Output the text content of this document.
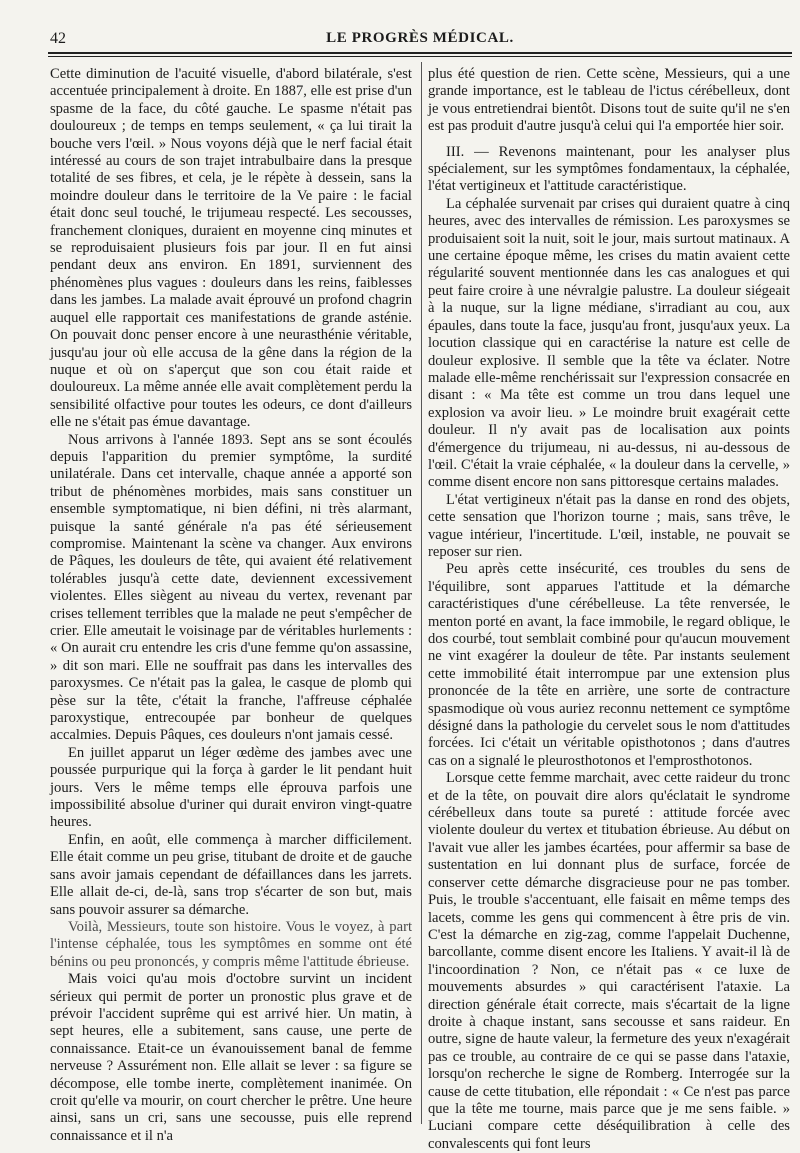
42	LE PROGRÈS MÉDICAL.

Cette diminution de l'acuité visuelle, d'abord bilatérale, s'est accentuée principalement à droite. En 1887, elle est prise d'un spasme de la face, du côté gauche. Le spasme n'était pas douloureux ; de temps en temps seulement, « ça lui tirait la bouche vers l'œil. » Nous voyons déjà que le nerf facial était intéressé au cours de son trajet intrabulbaire dans la presque totalité de ses fibres, et cela, je le répète à dessein, sans la moindre douleur dans le territoire de la Ve paire : le facial était donc seul touché, le trijumeau respecté. Les secousses, franchement cloniques, duraient en moyenne cinq minutes et se reproduisaient plusieurs fois par jour. Il en fut ainsi pendant deux ans environ. En 1891, surviennent des phénomènes plus vagues : douleurs dans les reins, faiblesses dans les jambes. La malade avait éprouvé un profond chagrin auquel elle rapportait ces manifestations de grande asténie. On pouvait donc penser encore à une neurasthénie véritable, jusqu'au jour où elle accusa de la gêne dans la région de la nuque et où on s'aperçut que son cou était raide et douloureux. La même année elle avait complètement perdu la sensibilité olfactive pour toutes les odeurs, ce dont d'ailleurs elle ne s'était pas émue davantage.

Nous arrivons à l'année 1893. Sept ans se sont écoulés depuis l'apparition du premier symptôme, la surdité unilatérale. Dans cet intervalle, chaque année a apporté son tribut de phénomènes morbides, mais sans constituer un ensemble symptomatique, ni bien défini, ni très alarmant, puisque la santé générale n'a pas été sérieusement compromise. Maintenant la scène va changer. Aux environs de Pâques, les douleurs de tête, qui avaient été relativement tolérables jusqu'à cette date, deviennent excessivement violentes. Elles siègent au niveau du vertex, revenant par crises tellement terribles que la malade ne peut s'empêcher de crier. Elle ameutait le voisinage par de véritables hurlements : « On aurait cru entendre les cris d'une femme qu'on assassine, » dit son mari. Elle ne souffrait pas dans les intervalles des paroxysmes. Ce n'était pas la galea, le casque de plomb qui pèse sur la tête, c'était la franche, l'affreuse céphalée paroxystique, entrecoupée par bonheur de quelques accalmies. Depuis Pâques, ces douleurs n'ont jamais cessé.

En juillet apparut un léger œdème des jambes avec une poussée purpurique qui la força à garder le lit pendant huit jours. Vers le même temps elle éprouva parfois une impossibilité absolue d'uriner qui durait environ vingt-quatre heures.

Enfin, en août, elle commença à marcher difficilement. Elle était comme un peu grise, titubant de droite et de gauche sans avoir jamais cependant de défaillances dans les jarrets. Elle allait de-ci, de-là, sans trop s'écarter de son but, mais sans pouvoir assurer sa démarche.

Voilà, Messieurs, toute son histoire. Vous le voyez, à part l'intense céphalée, tous les symptômes en somme ont été bénins ou peu prononcés, y compris même l'attitude ébrieuse.

Mais voici qu'au mois d'octobre survint un incident sérieux qui permit de porter un pronostic plus grave et de prévoir l'accident suprême qui est arrivé hier. Un matin, à sept heures, elle a subitement, sans cause, une perte de connaissance. Etait-ce un évanouissement banal de femme nerveuse ? Assurément non. Elle allait se lever : sa figure se décompose, elle tombe inerte, complètement inanimée. On croit qu'elle va mourir, on court chercher le prêtre. Une heure ainsi, sans un cri, sans une secousse, puis elle reprend connaissance et il n'a

plus été question de rien. Cette scène, Messieurs, qui a une grande importance, est le tableau de l'ictus cérébelleux, dont je vous entretiendrai bientôt. Disons tout de suite qu'il ne s'en est pas produit d'autre jusqu'à celui qui l'a emportée hier soir.

III. — Revenons maintenant, pour les analyser plus spécialement, sur les symptômes fondamentaux, la céphalée, l'état vertigineux et l'attitude caractéristique.

La céphalée survenait par crises qui duraient quatre à cinq heures, avec des intervalles de rémission. Les paroxysmes se produisaient soit la nuit, soit le jour, mais surtout matinaux. A une certaine époque même, les crises du matin avaient cette régularité souvent mentionnée dans les cas analogues et qui peut faire croire à une névralgie palustre. La douleur siégeait à la nuque, sur la ligne médiane, s'irradiant au cou, aux épaules, dans toute la face, jusqu'au front, jusqu'aux yeux. La locution classique qui en caractérise la nature est celle de douleur explosive. Il semble que la tête va éclater. Notre malade elle-même renchérissait sur l'expression consacrée en disant : « Ma tête est comme un trou dans lequel une explosion va avoir lieu. » Le moindre bruit exagérait cette douleur. Il n'y avait pas de localisation aux points d'émergence du trijumeau, ni au-dessus, ni au-dessous de l'œil. C'était la vraie céphalée, « la douleur dans la cervelle, » comme disent encore non sans pittoresque certains malades.

L'état vertigineux n'était pas la danse en rond des objets, cette sensation que l'horizon tourne ; mais, sans trêve, le vague intérieur, l'incertitude. L'œil, instable, ne pouvait se reposer sur rien.

Peu après cette insécurité, ces troubles du sens de l'équilibre, sont apparues l'attitude et la démarche caractéristiques d'une cérébelleuse. La tête renversée, le menton porté en avant, la face immobile, le regard oblique, le dos courbé, tout semblait combiné pour qu'aucun mouvement ne vint exagérer la douleur de tête. Par instants seulement cette immobilité était interrompue par une extension plus prononcée de la tête en arrière, une sorte de contracture spasmodique où vous auriez reconnu nettement ce symptôme désigné dans la pathologie du cervelet sous le nom d'attitudes forcées. Ici c'était un véritable opisthotonos ; dans d'autres cas on a signalé le pleurosthotonos et l'emprosthotonos.

Lorsque cette femme marchait, avec cette raideur du tronc et de la tête, on pouvait dire alors qu'éclatait le syndrome cérébelleux dans toute sa pureté : attitude forcée avec violente douleur du vertex et titubation ébrieuse. Au début on l'avait vue aller les jambes écartées, pour affermir sa base de sustentation en lui donnant plus de surface, forcée de conserver cette démarche disgracieuse pour ne pas tomber. Puis, le trouble s'accentuant, elle faisait en même temps des lacets, comme les gens qui commencent à être pris de vin. C'est la démarche en zig-zag, comme l'appelait Duchenne, barcollante, comme disent encore les Italiens. Y avait-il là de l'incoordination ? Non, ce n'était pas « ce luxe de mouvements absurdes » qui caractérisent l'ataxie. La direction générale était correcte, mais s'écartait de la ligne droite à chaque instant, sans secousse et sans raideur. En outre, signe de haute valeur, la fermeture des yeux n'exagérait pas ce trouble, au contraire de ce qui se passe dans l'ataxie, lorsqu'on recherche le signe de Romberg. Interrogée sur la cause de cette titubation, elle répondait : « Ce n'est pas parce que la tête me tourne, mais parce que je me sens faible. » Luciani compare cette déséquilibration à celle des convalescents qui font leurs
